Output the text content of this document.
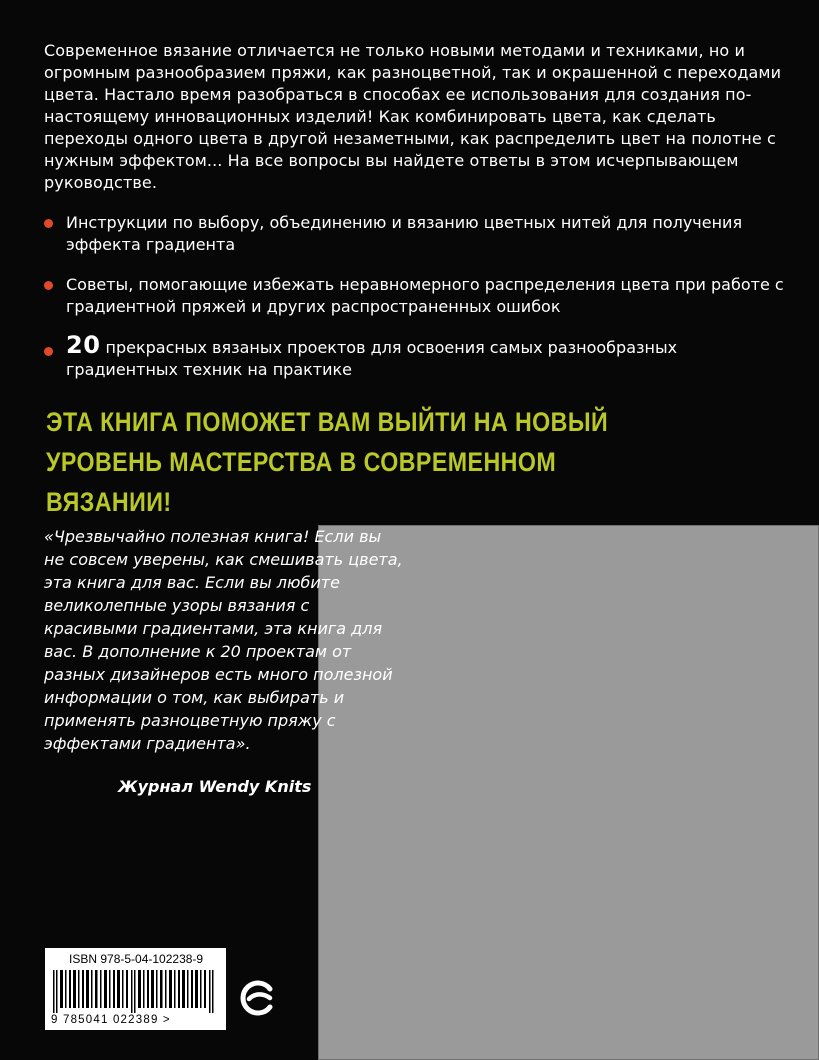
Современное вязание отличается не только новыми методами и техниками, но и огромным разнообразием пряжи, как разноцветной, так и окрашенной с переходами цвета. Настало время разобраться в способах ее использования для создания по-настоящему инновационных изделий! Как комбинировать цвета, как сделать переходы одного цвета в другой незаметными, как распределить цвет на полотне с нужным эффектом... На все вопросы вы найдете ответы в этом исчерпывающем руководстве.

Инструкции по выбору, объединению и вязанию цветных нитей для получения эффекта градиента
Советы, помогающие избежать неравномерного распределения цвета при работе с градиентной пряжей и других распространенных ошибок
20 прекрасных вязаных проектов для освоения самых разнообразных градиентных техник на практике
ЭТА КНИГА ПОМОЖЕТ ВАМ ВЫЙТИ НА НОВЫЙ УРОВЕНЬ МАСТЕРСТВА В СОВРЕМЕННОМ ВЯЗАНИИ!

«Чрезвычайно полезная книга! Если вы не совсем уверены, как смешивать цвета, эта книга для вас. Если вы любите великолепные узоры вязания с красивыми градиентами, эта книга для вас. В дополнение к 20 проектам от разных дизайнеров есть много полезной информации о том, как выбирать и применять разноцветную пряжу с эффектами градиента».

Журнал Wendy Knits
ISBN 978-5-04-102238-9
9 785041 022389 >
